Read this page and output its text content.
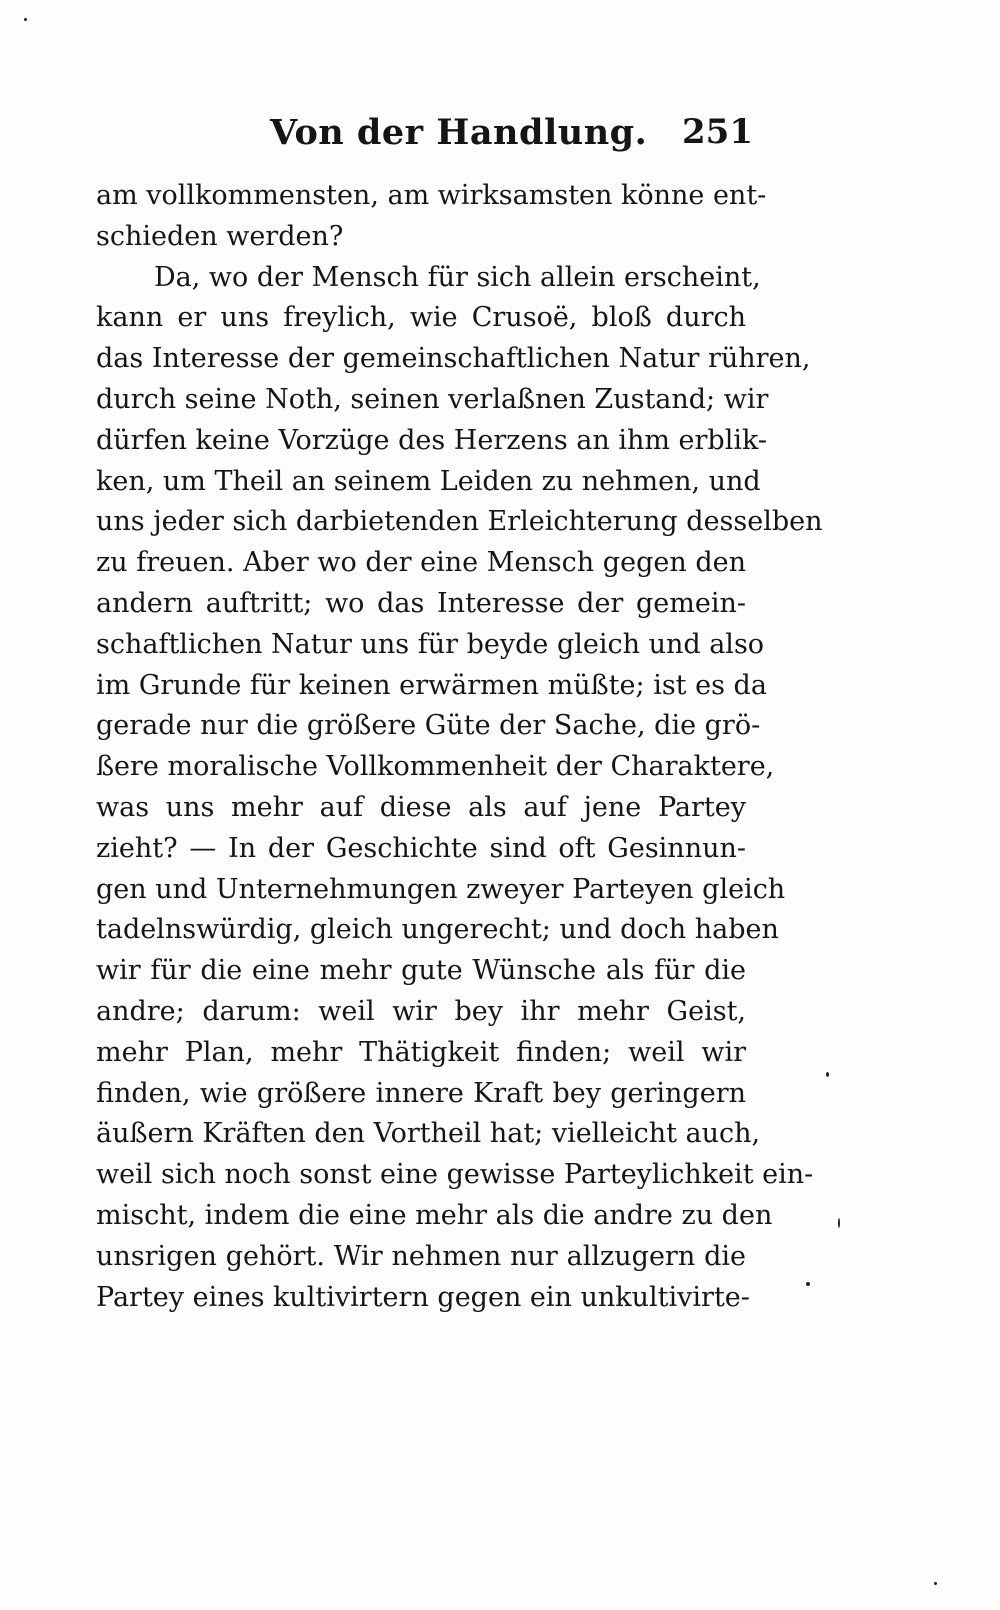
Von der Handlung. 251
am vollkommensten, am wirksamsten könne ent-
schieden werden?
Da, wo der Mensch für sich allein erscheint,
kann er uns freylich, wie Crusoë, bloß durch
das Interesse der gemeinschaftlichen Natur rühren,
durch seine Noth, seinen verlaßnen Zustand; wir
dürfen keine Vorzüge des Herzens an ihm erblik-
ken, um Theil an seinem Leiden zu nehmen, und
uns jeder sich darbietenden Erleichterung desselben
zu freuen. Aber wo der eine Mensch gegen den
andern auftritt; wo das Interesse der gemein-
schaftlichen Natur uns für beyde gleich und also
im Grunde für keinen erwärmen müßte; ist es da
gerade nur die größere Güte der Sache, die grö-
ßere moralische Vollkommenheit der Charaktere,
was uns mehr auf diese als auf jene Partey
zieht? — In der Geschichte sind oft Gesinnun-
gen und Unternehmungen zweyer Parteyen gleich
tadelnswürdig, gleich ungerecht; und doch haben
wir für die eine mehr gute Wünsche als für die
andre; darum: weil wir bey ihr mehr Geist,
mehr Plan, mehr Thätigkeit finden; weil wir
finden, wie größere innere Kraft bey geringern
äußern Kräften den Vortheil hat; vielleicht auch,
weil sich noch sonst eine gewisse Parteylichkeit ein-
mischt, indem die eine mehr als die andre zu den
unsrigen gehört. Wir nehmen nur allzugern die
Partey eines kultivirtern gegen ein unkultivirte-
